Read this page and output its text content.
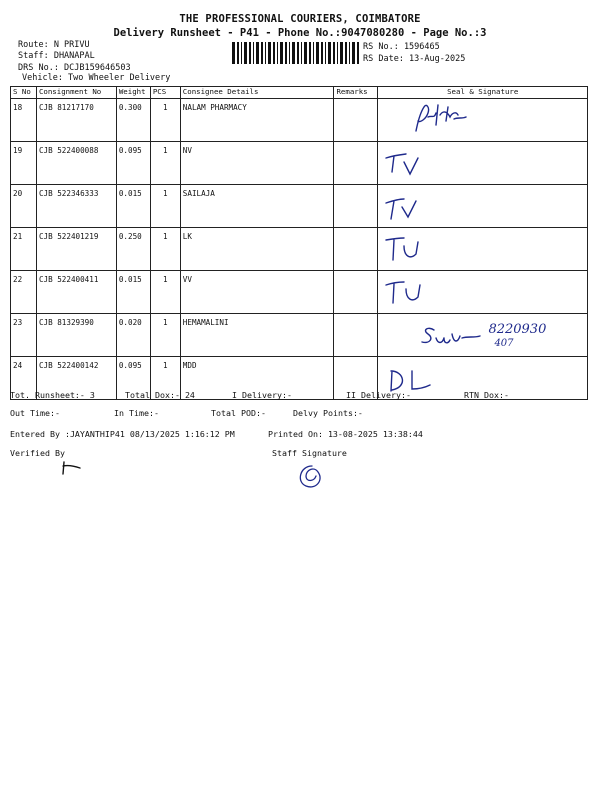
THE PROFESSIONAL COURIERS, COIMBATORE
Delivery Runsheet - P41 - Phone No.:9047080280 - Page No.:3
Route: N PRIVU
Staff: DHANAPAL
DRS No.: DCJB159646503
Vehicle: Two Wheeler Delivery
RS No.: 1596465
RS Date: 13-Aug-2025
S No	Consignment No	Weight	PCS	Consignee Details	Remarks	Seal & Signature
18	CJB 81217170	0.300	1	NALAM PHARMACY		

19	CJB 522400088	0.095	1	NV		

20	CJB 522346333	0.015	1	SAILAJA		

21	CJB 522401219	0.250	1	LK		

22	CJB 522400411	0.015	1	VV		

23	CJB 81329390	0.020	1	HEMAMALINI		8220930
407

24	CJB 522400142	0.095	1	MDD		
Tot. Runsheet:- 3	Total Dox:- 24	I Delivery:-	II Delivery:-	RTN Dox:-
Out Time:-	In Time:-	Total POD:-	Delvy Points:-
Entered By :JAYANTHIP41 08/13/2025 1:16:12 PM	Printed On: 13-08-2025 13:38:44
Verified By	Staff Signature
